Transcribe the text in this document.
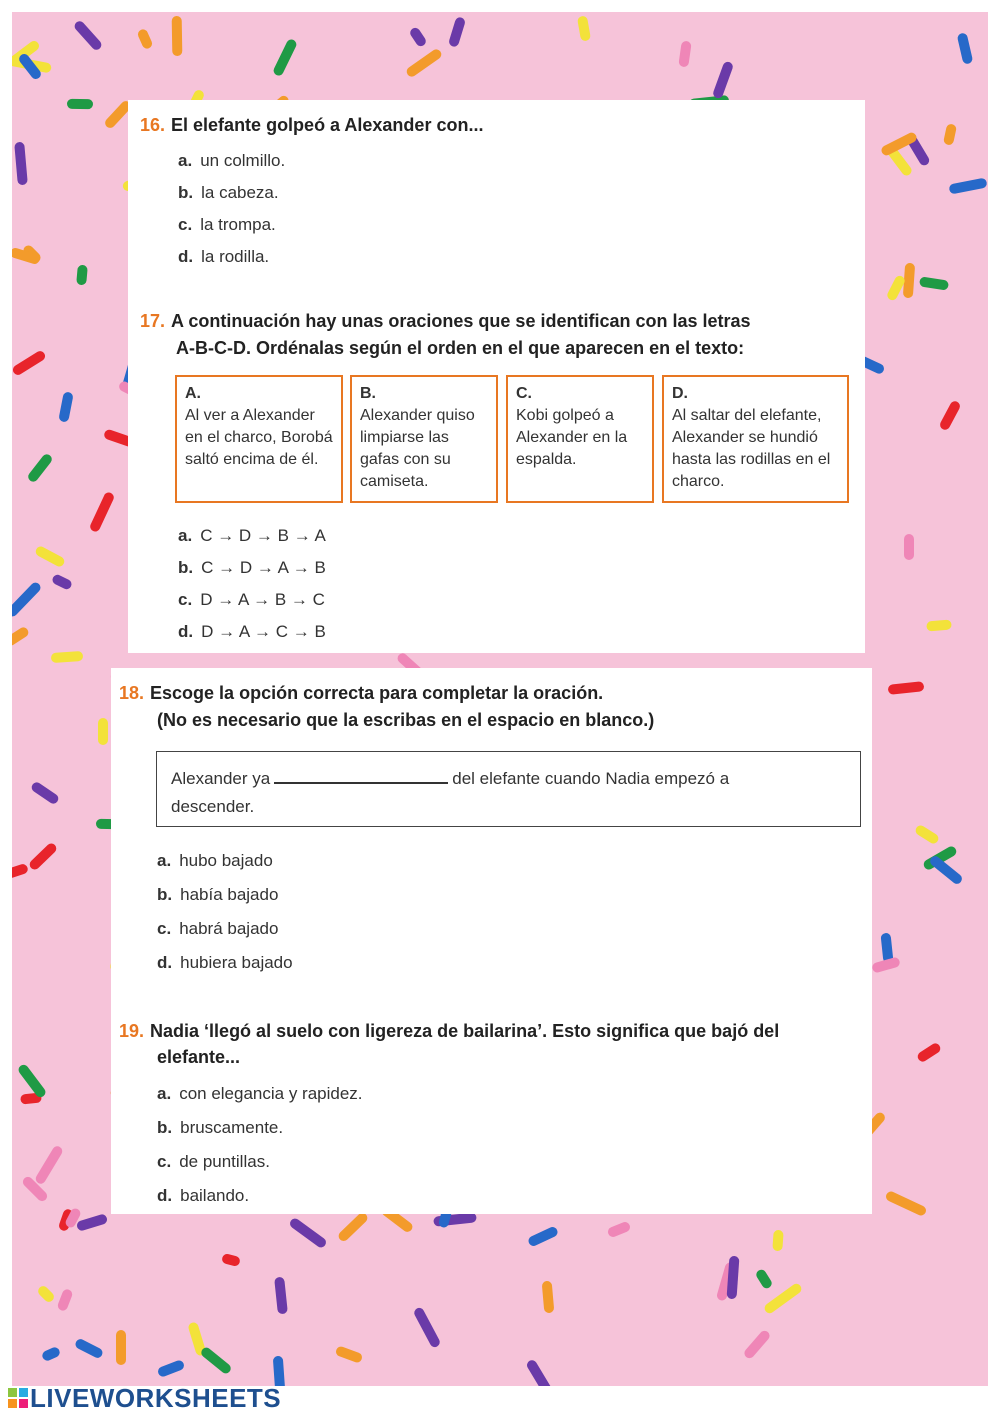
16. El elefante golpeó a Alexander con...
a. un colmillo.
b. la cabeza.
c. la trompa.
d. la rodilla.
17. A continuación hay unas oraciones que se identifican con las letras
A-B-C-D. Ordénalas según el orden en el que aparecen en el texto:
A.
Al ver a Alexander en el charco, Borobá saltó encima de él.
B.
Alexander quiso limpiarse las gafas con su camiseta.
C.
Kobi golpeó a Alexander en la espalda.
D.
Al saltar del elefante, Alexander se hundió hasta las rodillas en el charco.
a. C → D → B → A
b. C → D → A → B
c. D → A → B → C
d. D → A → C → B
18. Escoge la opción correcta para completar la oración.
(No es necesario que la escribas en el espacio en blanco.)
Alexander ya	del elefante cuando Nadia empezó a
descender.
a. hubo bajado
b. había bajado
c. habrá bajado
d. hubiera bajado
19. Nadia ‘llegó al suelo con ligereza de bailarina’. Esto significa que bajó del
elefante...
a. con elegancia y rapidez.
b. bruscamente.
c. de puntillas.
d. bailando.
LIVEWORKSHEETS
